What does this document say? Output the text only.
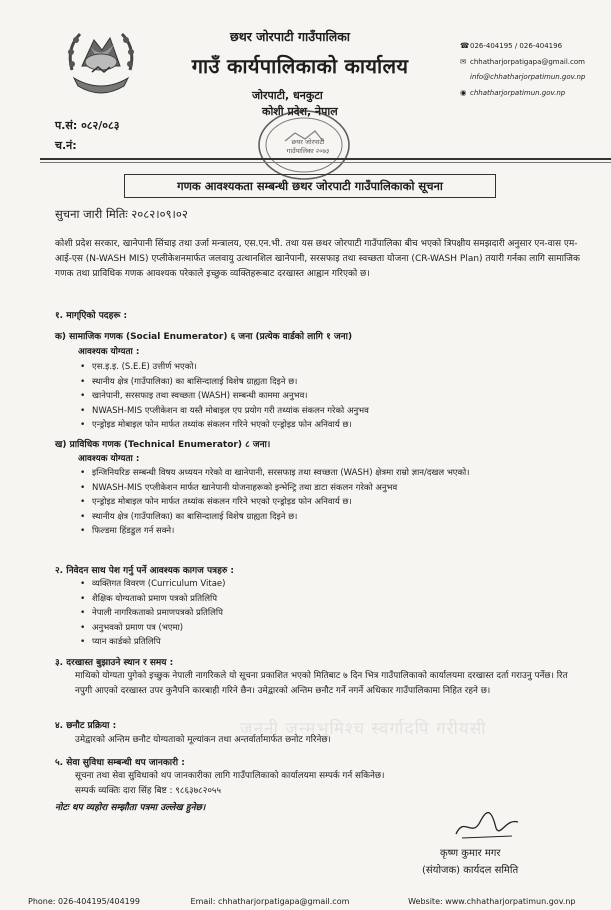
छथर जोरपाटी गाउँपालिका
गाउँ कार्यपालिकाको कार्यालय
जोरपाटी, धनकुटा
कोशी प्रदेश, नेपाल
छथर जोरपाटी गाउँपालिका २०७३
☎026-404195 / 026-404196
✉ chhatharjorpatigapa@gmail.com
info@chhatharjorpatimun.gov.np
◉ chhatharjorpatimun.gov.np
प.सं: ०८२/०८३
च.नं:
गणक आवश्यकता सम्बन्धी छथर जोरपाटी गाउँपालिकाको सूचना
सुचना जारी मितिः २०८२।०९।०२
कोशी प्रदेश सरकार, खानेपानी सिंचाइ तथा उर्जा मन्त्रालय, एस.एन.भी. तथा यस छथर जोरपाटी गाउँपालिका बीच भएको त्रिपक्षीय समझदारी अनुसार एन-वास एम-आई-एस (N-WASH MIS) एप्लीकेशनमार्फत जलवायु उत्थानशिल खानेपानी, सरसफाइ तथा स्वच्छता योजना (CR-WASH Plan) तयारी गर्नका लागि सामाजिक गणक तथा प्राविधिक गणक आवश्यक परेकाले इच्छुक व्यक्तिहरूबाट दरखास्त आह्वान गरिएको छ।
जननी जन्मभूमिश्च स्वर्गादपि गरीयसी
१. माग्एिको पदहरू :
क) सामाजिक गणक (Social Enumerator) ६ जना (प्रत्येक वार्डको लागि १ जना)
आवश्यक योग्यता :
• एस.इ.इ. (S.E.E) उत्तीर्ण भएको।
• स्थानीय क्षेत्र (गाउँपालिका) का बासिन्दालाई विशेष ग्राह्यता दिइने छ।
• खानेपानी, सरसफाइ तथा स्वच्छता (WASH) सम्बन्धी काममा अनुभव।
• NWASH-MIS एप्लीकेशन वा यस्तै मोबाइल एप प्रयोग गरी तथ्यांक संकलन गरेको अनुभव
• एन्ड्रोइड मोबाइल फोन मार्फत तथ्यांक संकलन गरिने भएको एन्ड्रोइड फोन अनिवार्य छ।
ख) प्राविधिक गणक (Technical Enumerator) ८ जना।
आवश्यक योग्यता :
• इन्जिनियरिङ सम्बन्धी विषय अध्ययन गरेको वा खानेपानी, सरसफाइ तथा स्वच्छता (WASH) क्षेत्रमा राम्रो ज्ञान/दखल भएको।
• NWASH-MIS एप्लीकेशन मार्फत खानेपानी योजनाहरूको इन्भेन्ट्रि तथा डाटा संकलन गरेको अनुभव
• एन्ड्रोइड मोबाइल फोन मार्फत तथ्यांक संकलन गरिने भएको एन्ड्रोइड फोन अनिवार्य छ।
• स्थानीय क्षेत्र (गाउँपालिका) का बासिन्दालाई विशेष ग्राह्यता दिइने छ।
• फिल्डमा हिंडडुल गर्न सक्ने।
२. निवेदन साथ पेश गर्नु पर्ने आवश्यक कागज पत्रहरु :
• व्यक्तिगत विवरण (Curriculum Vitae)
• शैक्षिक योग्यताको प्रमाण पत्रको प्रतिलिपि
• नेपाली नागरिकताको प्रमाणपत्रको प्रतिलिपि
• अनुभवको प्रमाण पत्र (भएमा)
• प्यान कार्डको प्रतिलिपि
३. दरखास्त बुझाउने स्थान र समय :
माथिको योग्यता पुगेको इच्छुक नेपाली नागरिकले यो सूचना प्रकाशित भएको मितिबाट ७ दिन भित्र गाउँपालिकाको कार्यालयमा दरखास्त दर्ता गराउनु पर्नेछ। रित नपुगी आएको दरखास्त उपर कुनैपनि कारबाही गरिने छैन। उमेद्वारको अन्तिम छनौट गर्ने नगर्ने अधिकार गाउँपालिकामा निहित रहने छ।
४. छनौट प्रक्रिया :
उमेद्वारको अन्तिम छनौट योग्यताको मूल्यांकन तथा अन्तर्वार्तामार्फत छनोट गरिनेछ।
५. सेवा सुविधा सम्बन्धी थप जानकारी :
सूचना तथा सेवा सुविधाको थप जानकारीका लागि गाउँपालिकाको कार्यालयमा सम्पर्क गर्न सकिनेछ।
सम्पर्क व्यक्तिः दारा सिंह बिष्ट : ९८६३७८२०५५
नोटः थप व्यहोरा सम्झौता पत्रमा उल्लेख हुनेछ।
कृष्ण कुमार मगर
(संयोजक) कार्यदल समिति
Phone: 026-404195/404199	Email: chhatharjorpatigapa@gmail.com	Website: www.chhatharjorpatimun.gov.np
